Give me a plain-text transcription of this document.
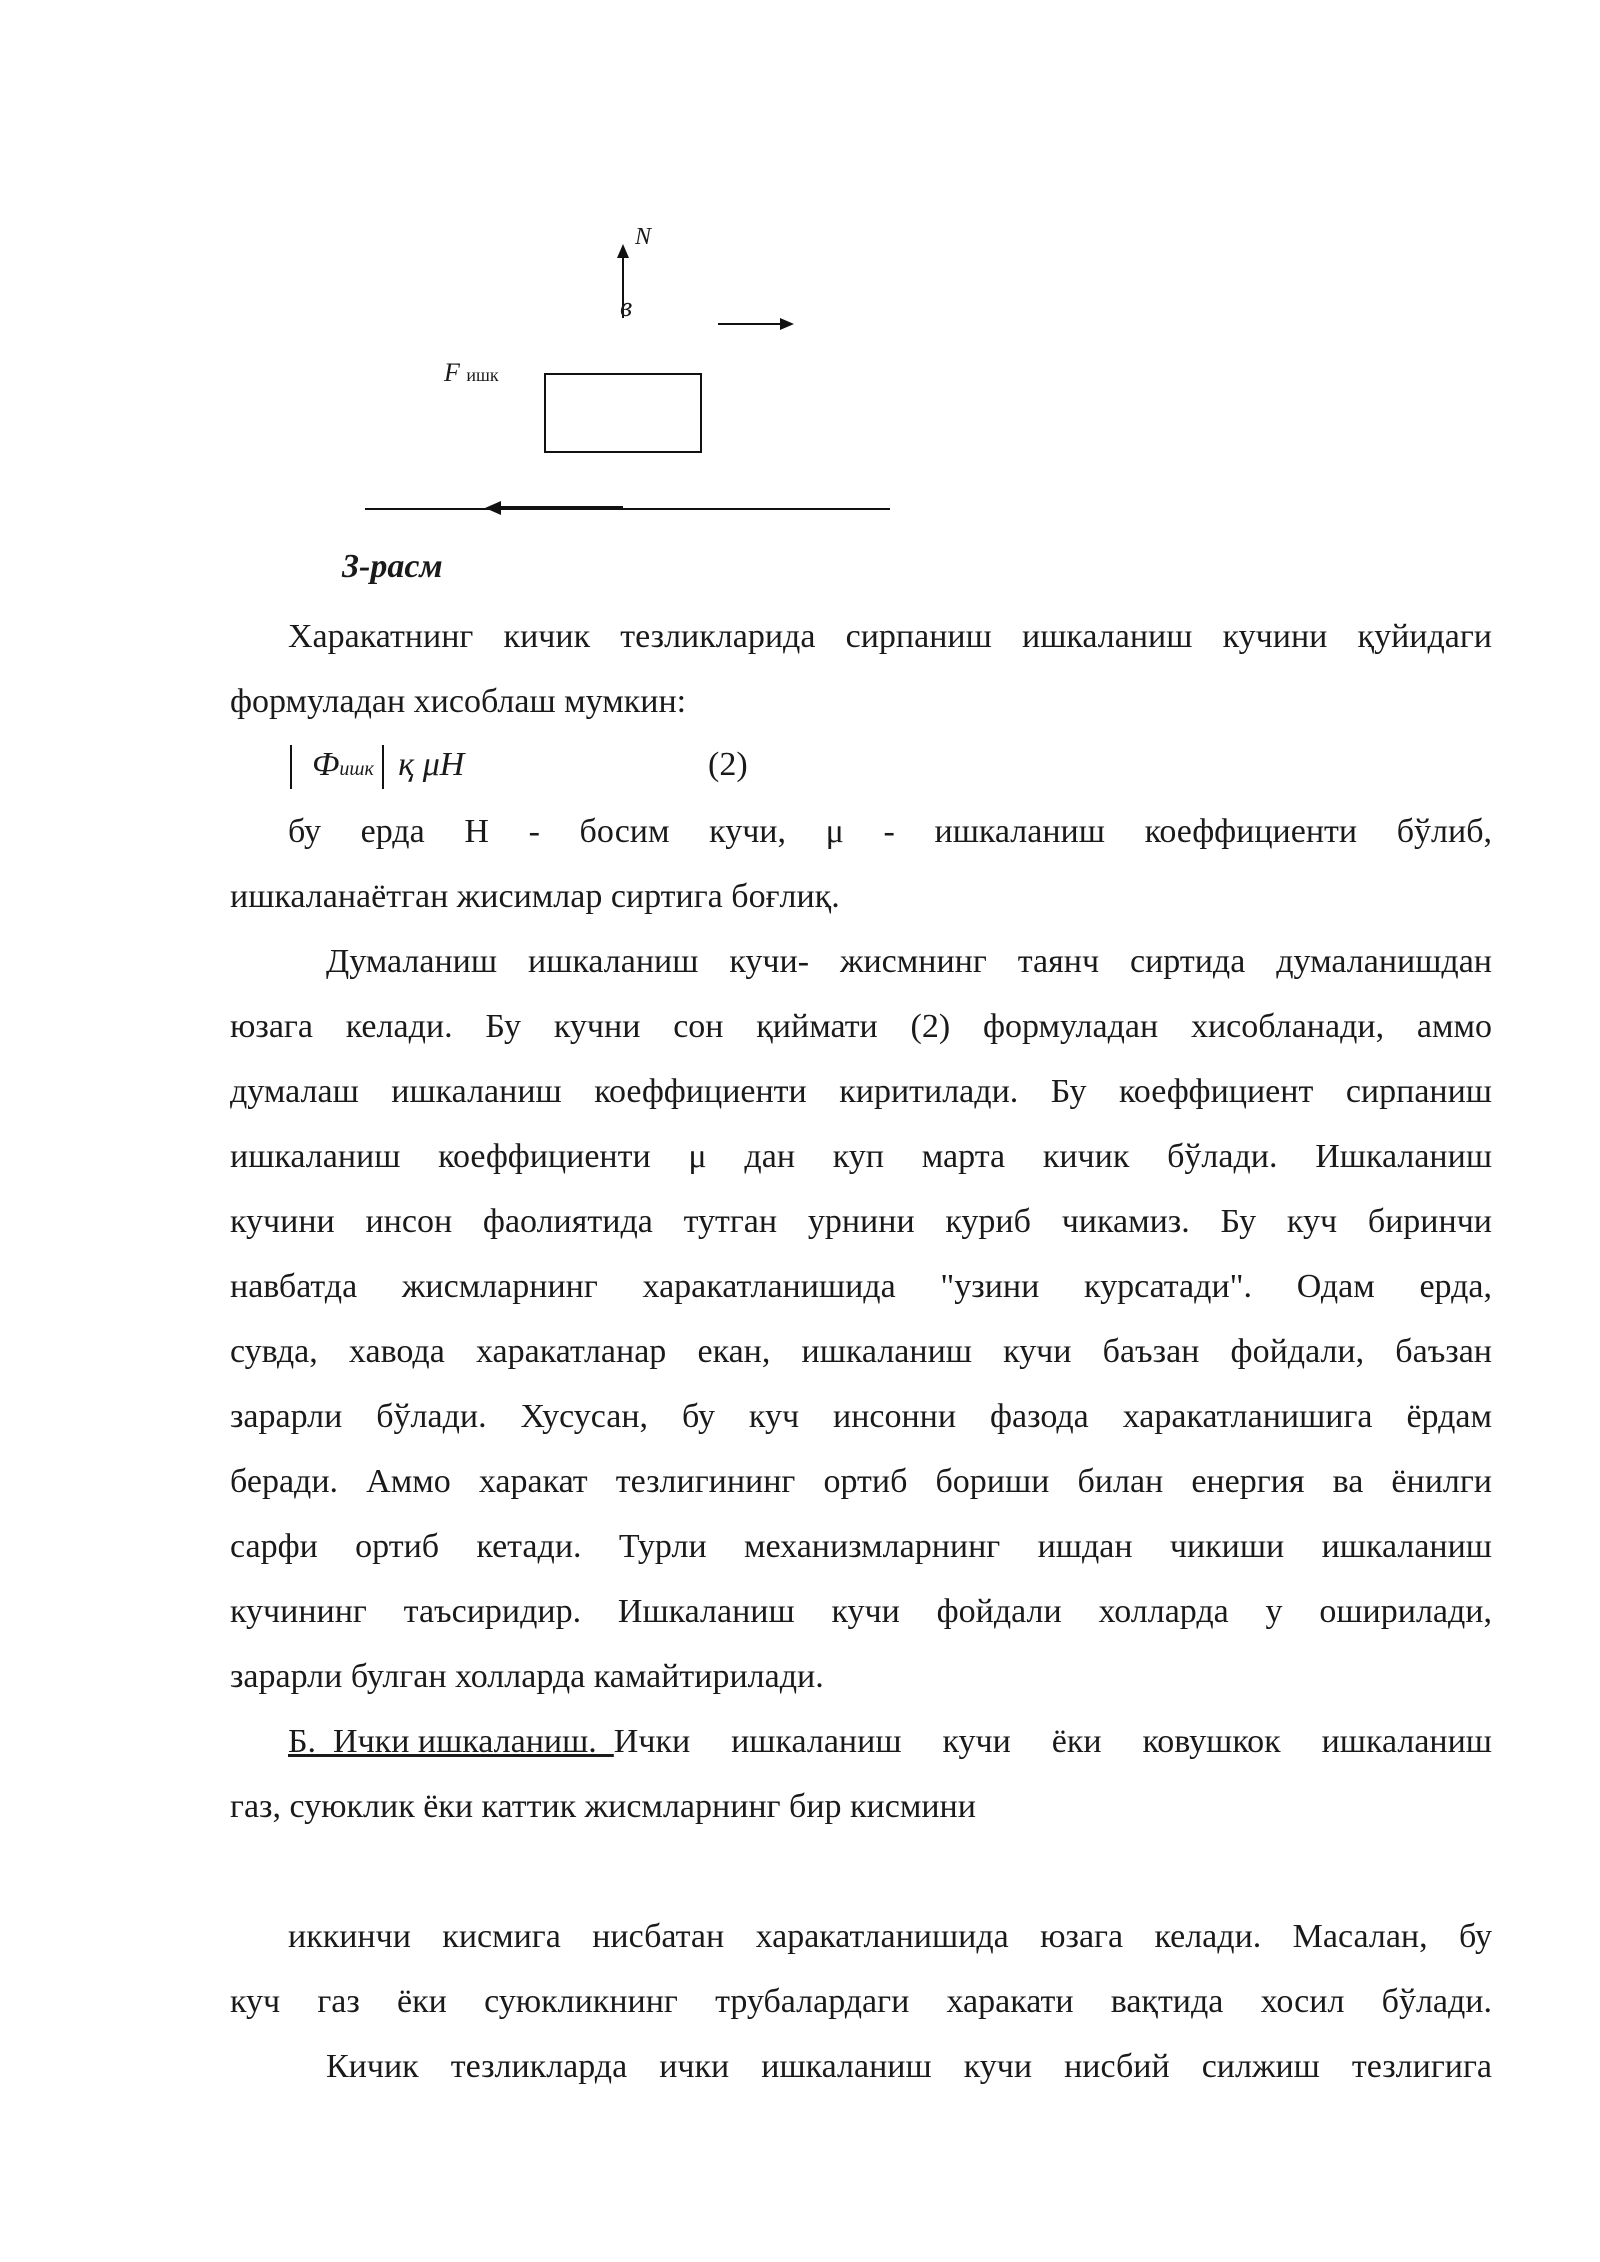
N
в
F ишк
3-расм
Харакатнинг кичик тезликларида сирпаниш ишкаланиш кучини қуйидаги
формуладан хисоблаш мумкин:
Фишк қ μН	(2)
бу ерда Н - босим кучи, μ - ишкаланиш коеффициенти бўлиб,
ишкаланаётган жисимлар сиртига боғлиқ.
Думаланиш ишкаланиш кучи- жисмнинг таянч сиртида думаланишдан
юзага келади. Бу кучни сон қиймати (2) формуладан хисобланади, аммо
думалаш ишкаланиш коеффициенти киритилади. Бу коеффициент сирпаниш
ишкаланиш коеффициенти μ дан куп марта кичик бўлади. Ишкаланиш
кучини инсон фаолиятида тутган урнини куриб чикамиз. Бу куч биринчи
навбатда жисмларнинг харакатланишида "узини курсатади". Одам ерда,
сувда, хавода харакатланар екан, ишкаланиш кучи баъзан фойдали, баъзан
зарарли бўлади. Хусусан, бу куч инсонни фазода харакатланишига ёрдам
беради. Аммо харакат тезлигининг ортиб бориши билан енергия ва ёнилги
сарфи ортиб кетади. Турли механизмларнинг ишдан чикиши ишкаланиш
кучининг таъсиридир. Ишкаланиш кучи фойдали холларда у оширилади,
зарарли булган холларда камайтирилади.
Б.  Ички ишкаланиш. Ички ишкаланиш кучи ёки ковушкок ишкаланиш
газ, суюклик ёки каттик жисмларнинг бир кисмини
иккинчи кисмига нисбатан харакатланишида юзага келади. Масалан, бу
куч газ ёки суюкликнинг трубалардаги харакати вақтида хосил бўлади.
Кичик тезликларда ички ишкаланиш кучи нисбий силжиш тезлигига
